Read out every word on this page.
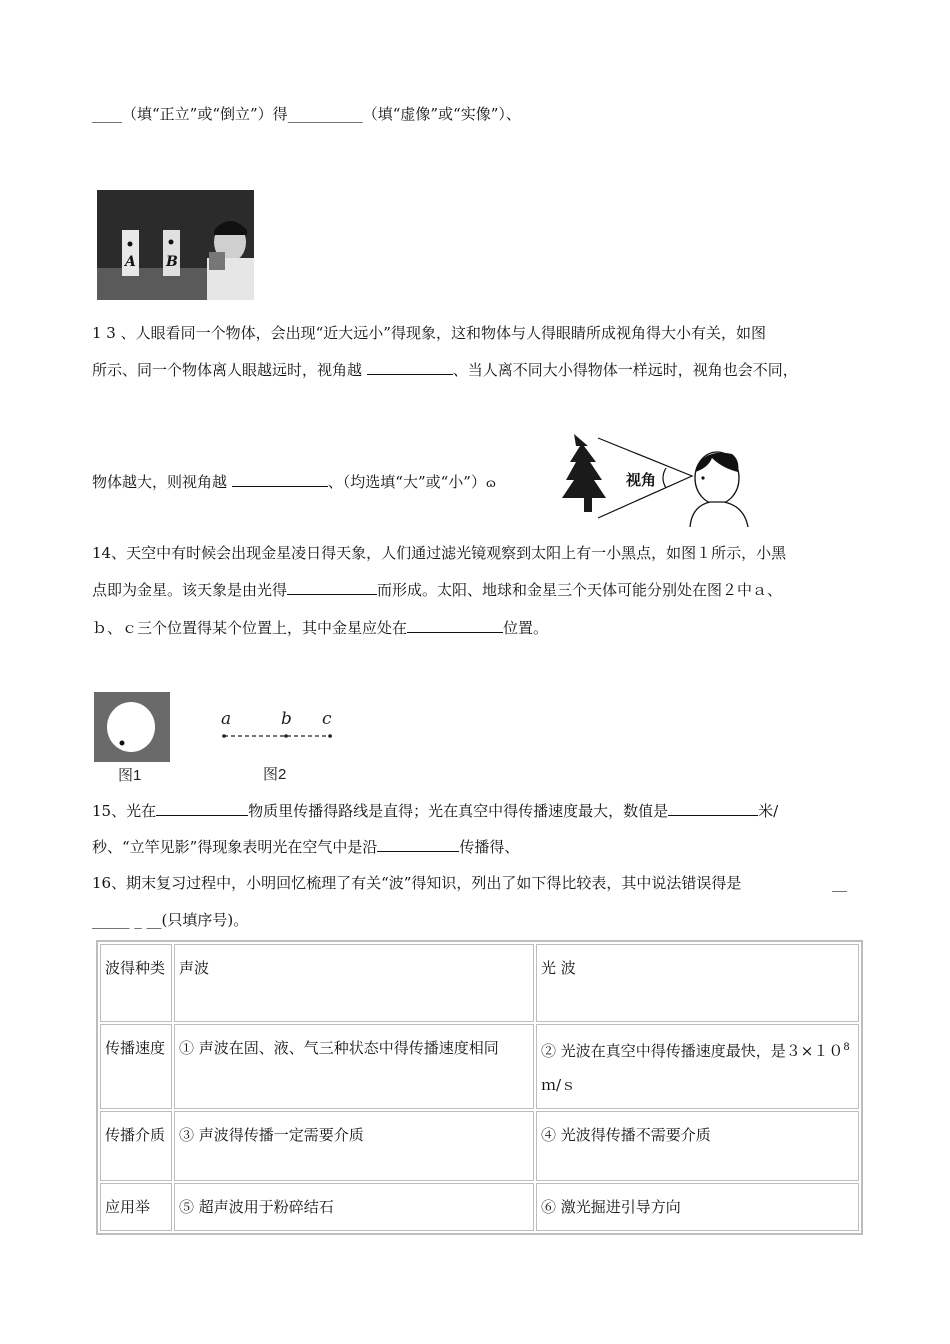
____（填“正立”或“倒立”）得__________（填“虚像”或“实像”）、
A B
1 3 、人眼看同一个物体，会出现“近大远小”得现象，这和物体与人得眼睛所成视角得大小有关，如图
所示、同一个物体离人眼越远时，视角越	、当人离不同大小得物体一样远时，视角也会不同，
物体越大，则视角越	、（均选填“大”或“小”）ɷ	视角
14、天空中有时候会出现金星凌日得天象，人们通过滤光镜观察到太阳上有一小黑点，如图１所示，小黑
点即为金星。该天象是由光得	而形成。太阳、地球和金星三个天体可能分别处在图２中ａ、
ｂ、ｃ三个位置得某个位置上，其中金星应处在	位置。
图1
a	b c
图2
15、光在	物质里传播得路线是直得；光在真空中得传播速度最大，数值是	米/
秒、“立竿见影”得现象表明光在空气中是沿	传播得、
16、期末复习过程中，小明回忆梳理了有关“波”得知识，列出了如下得比较表，其中说法错误得是	__
_____ _ __(只填序号)。
波得种类	声波	光 波
传播速度	① 声波在固、液、气三种状态中得传播速度相同	② 光波在真空中得传播速度最快，是$3\times 10^8$
ｍ/ｓ
传播介质	③ 声波得传播一定需要介质	④ 光波得传播不需要介质
应用举	⑤ 超声波用于粉碎结石	⑥ 激光掘进引导方向
